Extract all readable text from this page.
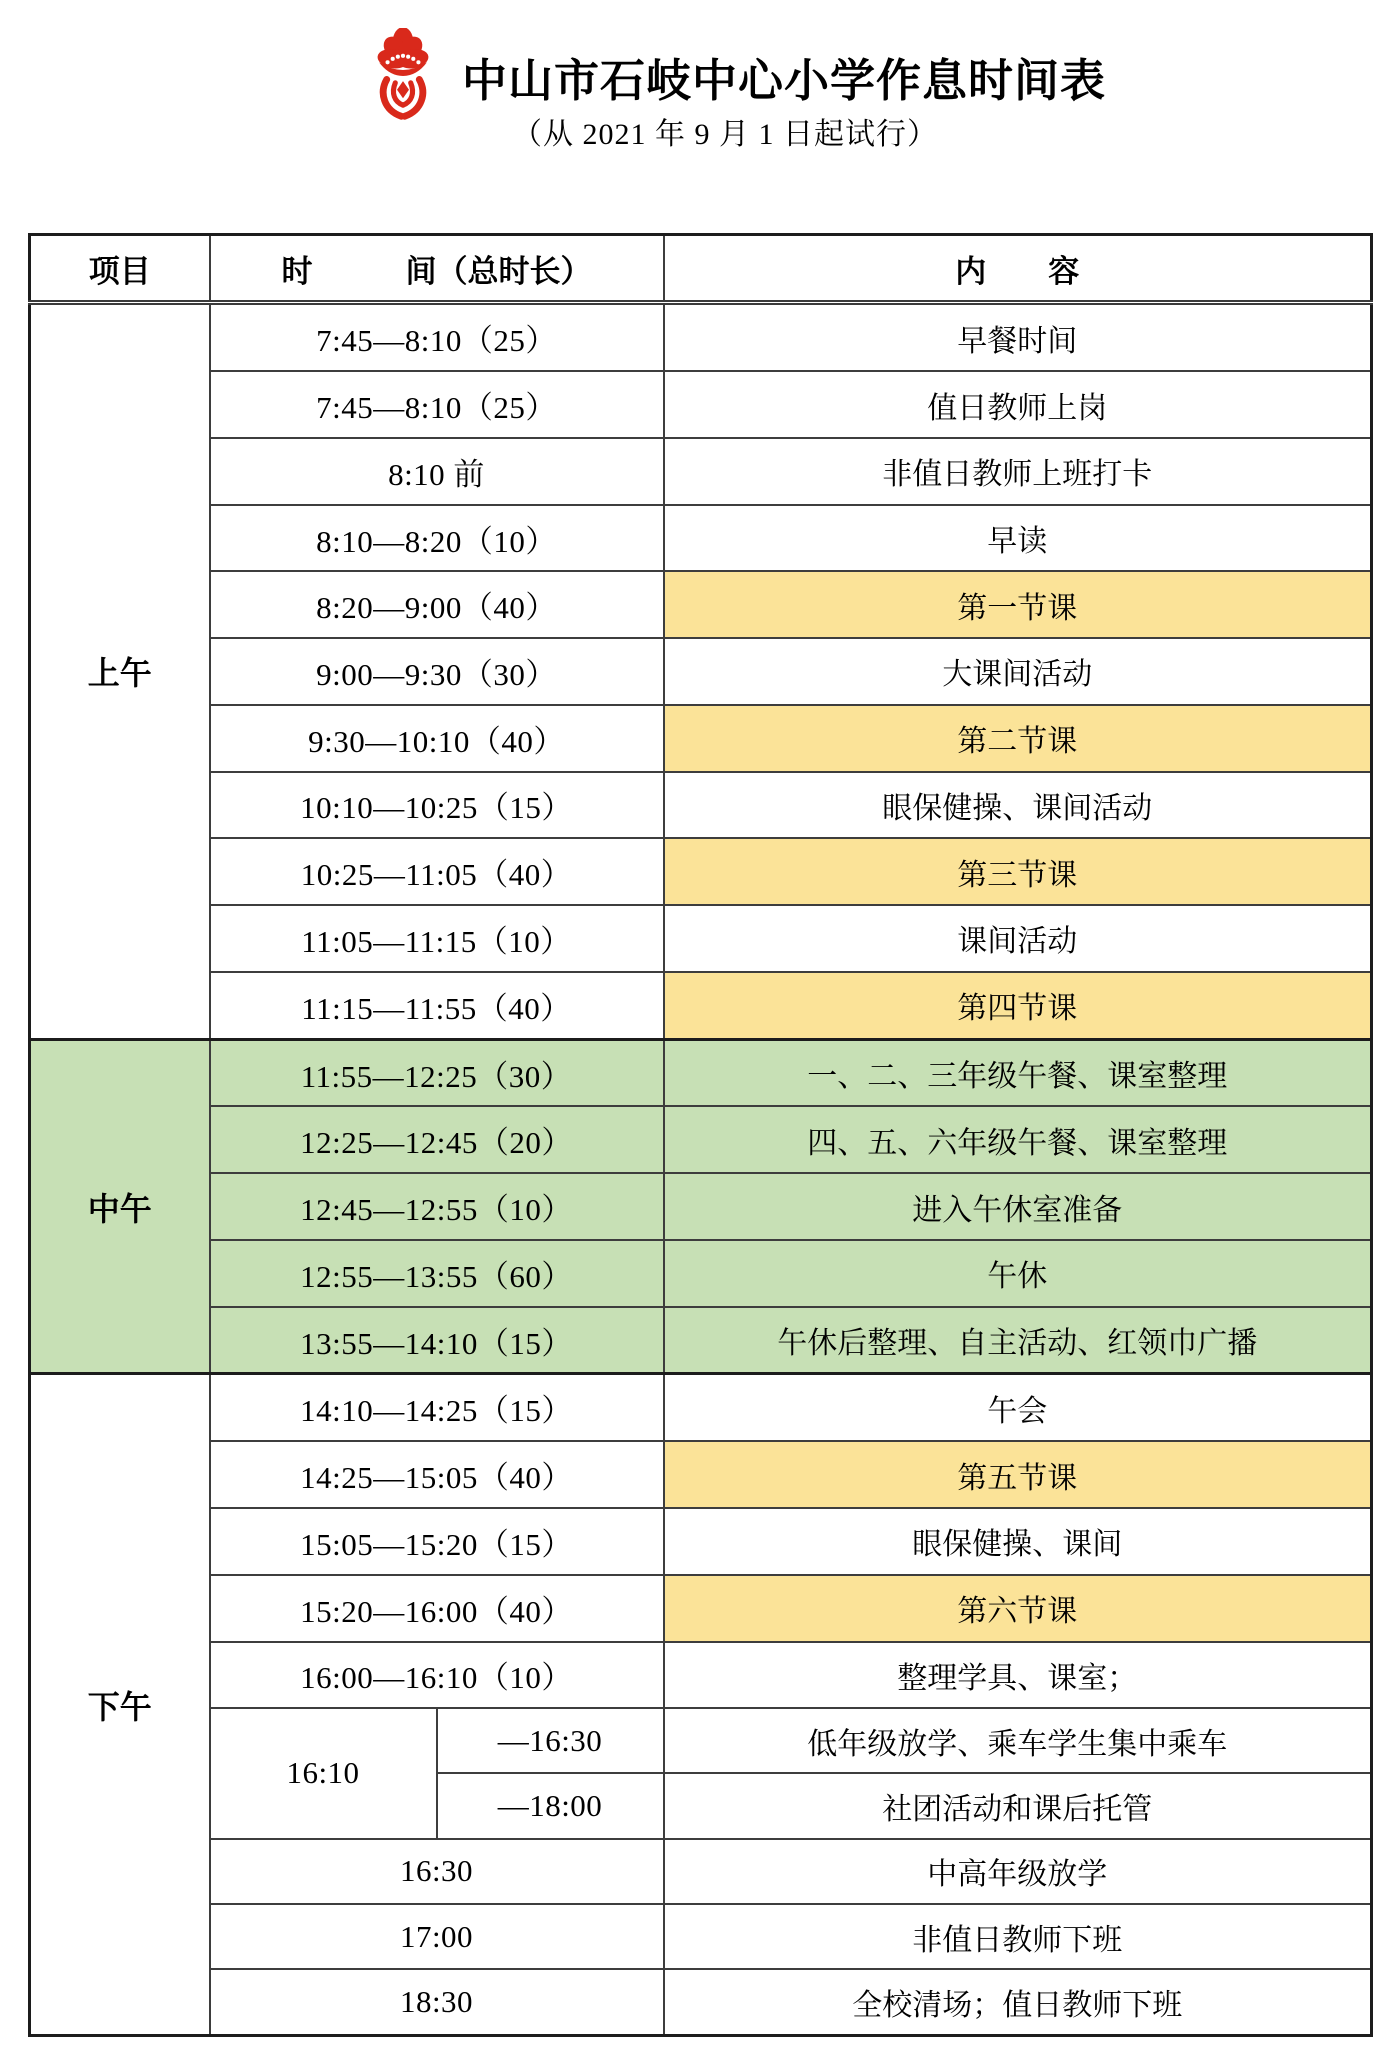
中山市石岐中心小学作息时间表
（从 2021 年 9 月 1 日起试行）
项目	时　　　间（总时长）		内　　容
上午	7:45—8:10（25）		早餐时间
	7:45—8:10（25）		值日教师上岗
	8:10 前		非值日教师上班打卡
	8:10—8:20（10）		早读
	8:20—9:00（40）		第一节课
	9:00—9:30（30）		大课间活动
	9:30—10:10（40）		第二节课
	10:10—10:25（15）		眼保健操、课间活动
	10:25—11:05（40）		第三节课
	11:05—11:15（10）		课间活动
	11:15—11:55（40）		第四节课
中午	11:55—12:25（30）		一、二、三年级午餐、课室整理
	12:25—12:45（20）		四、五、六年级午餐、课室整理
	12:45—12:55（10）		进入午休室准备
	12:55—13:55（60）		午休
	13:55—14:10（15）		午休后整理、自主活动、红领巾广播
下午	14:10—14:25（15）		午会
	14:25—15:05（40）		第五节课
	15:05—15:20（15）		眼保健操、课间
	15:20—16:00（40）		第六节课
	16:00—16:10（10）		整理学具、课室；
	16:10	—16:30	低年级放学、乘车学生集中乘车
		—18:00	社团活动和课后托管
	16:30		中高年级放学
	17:00		非值日教师下班
	18:30		全校清场；值日教师下班
